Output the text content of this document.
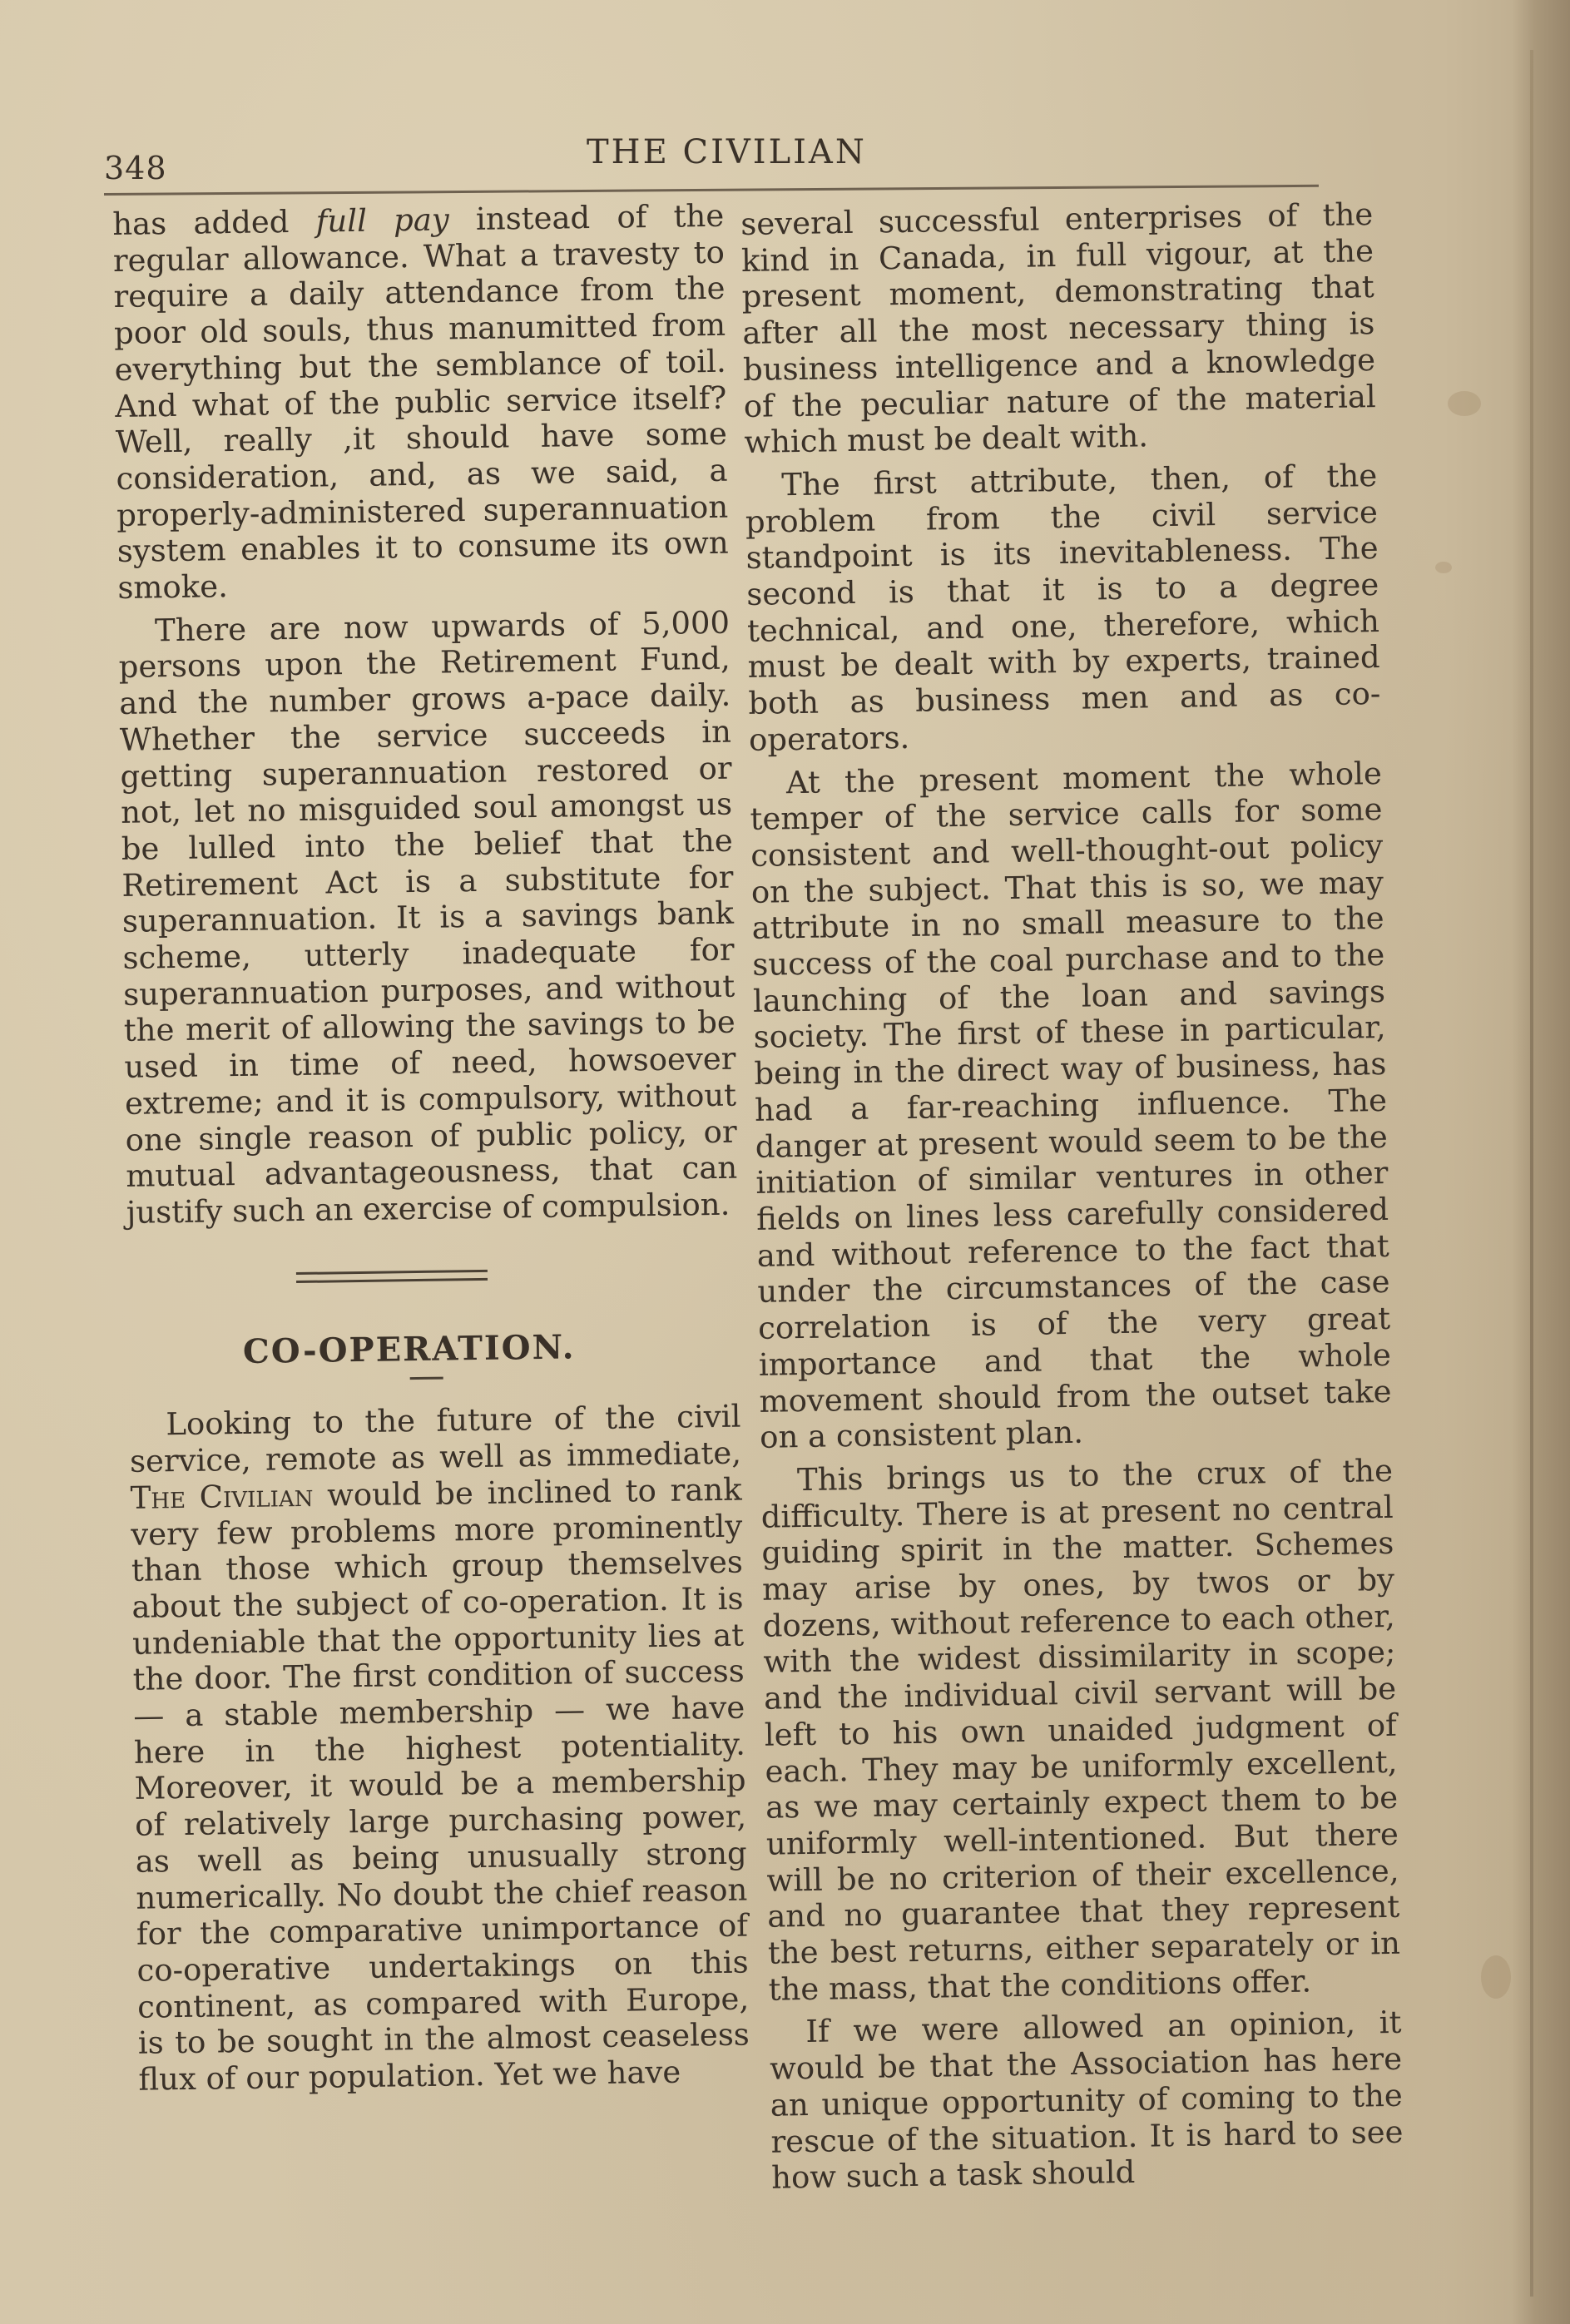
348	THE CIVILIAN

has added full pay instead of the regular allowance. What a travesty to require a daily attendance from the poor old souls, thus manumitted from everything but the semblance of toil. And what of the public service itself? Well, really ,it should have some consideration, and, as we said, a properly-administered superannuation system enables it to consume its own smoke.

There are now upwards of 5,000 persons upon the Retirement Fund, and the number grows a-pace daily. Whether the service succeeds in getting superannuation restored or not, let no misguided soul amongst us be lulled into the belief that the Retirement Act is a substitute for superannuation. It is a savings bank scheme, utterly inadequate for superannuation purposes, and without the merit of allowing the savings to be used in time of need, howsoever extreme; and it is compulsory, without one single reason of public policy, or mutual advantageousness, that can justify such an exercise of compulsion.

CO-OPERATION.

Looking to the future of the civil service, remote as well as immediate, The Civilian would be inclined to rank very few problems more prominently than those which group themselves about the subject of co-operation. It is undeniable that the opportunity lies at the door. The first condition of success — a stable membership — we have here in the highest potentiality. Moreover, it would be a membership of relatively large purchasing power, as well as being unusually strong numerically. No doubt the chief reason for the comparative unimportance of co-operative undertakings on this continent, as compared with Europe, is to be sought in the almost ceaseless flux of our population. Yet we have

several successful enterprises of the kind in Canada, in full vigour, at the present moment, demonstrating that after all the most necessary thing is business intelligence and a knowledge of the peculiar nature of the material which must be dealt with.

The first attribute, then, of the problem from the civil service standpoint is its inevitableness. The second is that it is to a degree technical, and one, therefore, which must be dealt with by experts, trained both as business men and as co-operators.

At the present moment the whole temper of the service calls for some consistent and well-thought-out policy on the subject. That this is so, we may attribute in no small measure to the success of the coal purchase and to the launching of the loan and savings society. The first of these in particular, being in the direct way of business, has had a far-reaching influence. The danger at present would seem to be the initiation of similar ventures in other fields on lines less carefully considered and without reference to the fact that under the circumstances of the case correlation is of the very great importance and that the whole movement should from the outset take on a consistent plan.

This brings us to the crux of the difficulty. There is at present no central guiding spirit in the matter. Schemes may arise by ones, by twos or by dozens, without reference to each other, with the widest dissimilarity in scope; and the individual civil servant will be left to his own unaided judgment of each. They may be uniformly excellent, as we may certainly expect them to be uniformly well-intentioned. But there will be no criterion of their excellence, and no guarantee that they represent the best returns, either separately or in the mass, that the conditions offer.

If we were allowed an opinion, it would be that the Association has here an unique opportunity of coming to the rescue of the situation. It is hard to see how such a task should
